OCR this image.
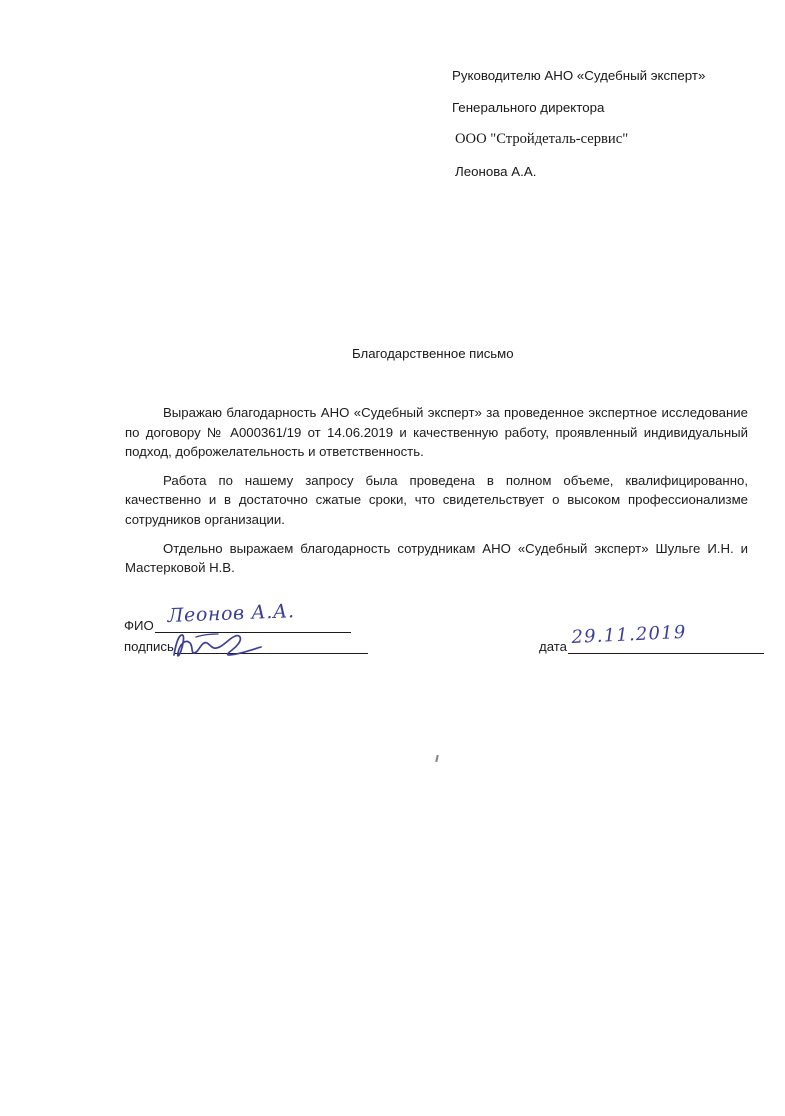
Руководителю АНО «Судебный эксперт»
Генерального директора
ООО "Стройдеталь-сервис"
Леонова А.А.
Благодарственное письмо

Выражаю благодарность АНО «Судебный эксперт» за проведенное экспертное исследование по договору № А000361/19 от 14.06.2019 и качественную работу, проявленный индивидуальный подход, доброжелательность и ответственность.

Работа по нашему запросу была проведена в полном объеме, квалифицированно, качественно и в достаточно сжатые сроки, что свидетельствует о высоком профессионализме сотрудников организации.

Отдельно выражаем благодарность сотрудникам АНО «Судебный эксперт» Шульге И.Н. и Мастерковой Н.В.

ФИО
подпись	дата
Леонов А.А.
29.11.2019
